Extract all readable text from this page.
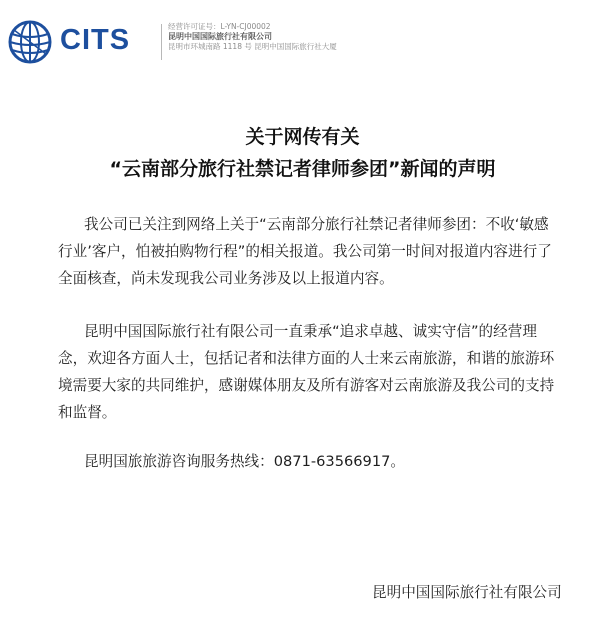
CITS	经营许可证号：L-YN-CJ00002
昆明中国国际旅行社有限公司
昆明市环城南路 1118 号 昆明中国国际旅行社大厦
关于网传有关
“云南部分旅行社禁记者律师参团”新闻的声明
我公司已关注到网络上关于“云南部分旅行社禁记者律师参团：不收‘敏感行业’客户，怕被拍购物行程”的相关报道。我公司第一时间对报道内容进行了全面核查，尚未发现我公司业务涉及以上报道内容。
昆明中国国际旅行社有限公司一直秉承“追求卓越、诚实守信”的经营理念，欢迎各方面人士，包括记者和法律方面的人士来云南旅游，和谐的旅游环境需要大家的共同维护，感谢媒体朋友及所有游客对云南旅游及我公司的支持和监督。
昆明国旅旅游咨询服务热线：0871-63566917。
昆明中国国际旅行社有限公司
